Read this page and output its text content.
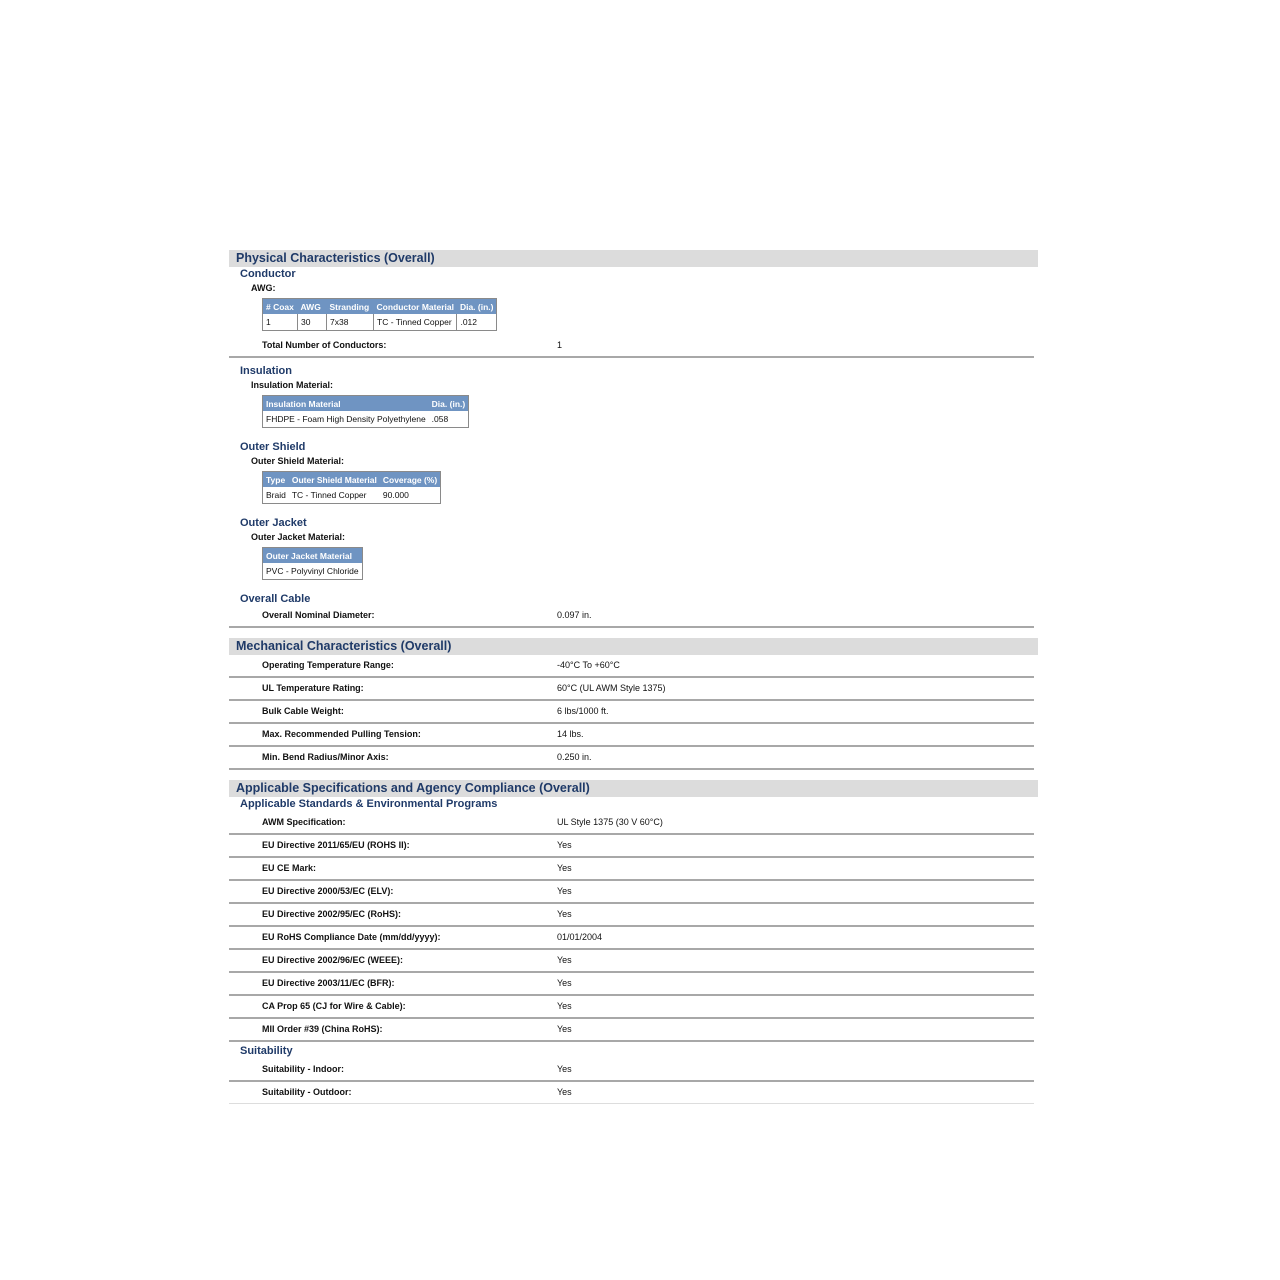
Physical Characteristics (Overall)
Conductor
AWG:
# Coax	AWG	Stranding	Conductor Material	Dia. (in.)
1	30	7x38	TC - Tinned Copper	.012
Total Number of Conductors:	1
Insulation
Insulation Material:
Insulation Material	Dia. (in.)
FHDPE - Foam High Density Polyethylene	.058
Outer Shield
Outer Shield Material:
Type	Outer Shield Material	Coverage (%)
Braid	TC - Tinned Copper	90.000
Outer Jacket
Outer Jacket Material:
Outer Jacket Material
PVC - Polyvinyl Chloride
Overall Cable
Overall Nominal Diameter:	0.097 in.
Mechanical Characteristics (Overall)
Operating Temperature Range:	-40°C To +60°C
UL Temperature Rating:	60°C (UL AWM Style 1375)
Bulk Cable Weight:	6 lbs/1000 ft.
Max. Recommended Pulling Tension:	14 lbs.
Min. Bend Radius/Minor Axis:	0.250 in.
Applicable Specifications and Agency Compliance (Overall)
Applicable Standards & Environmental Programs
AWM Specification:	UL Style 1375 (30 V 60°C)
EU Directive 2011/65/EU (ROHS II):	Yes
EU CE Mark:	Yes
EU Directive 2000/53/EC (ELV):	Yes
EU Directive 2002/95/EC (RoHS):	Yes
EU RoHS Compliance Date (mm/dd/yyyy):	01/01/2004
EU Directive 2002/96/EC (WEEE):	Yes
EU Directive 2003/11/EC (BFR):	Yes
CA Prop 65 (CJ for Wire & Cable):	Yes
MII Order #39 (China RoHS):	Yes
Suitability
Suitability - Indoor:	Yes
Suitability - Outdoor:	Yes
